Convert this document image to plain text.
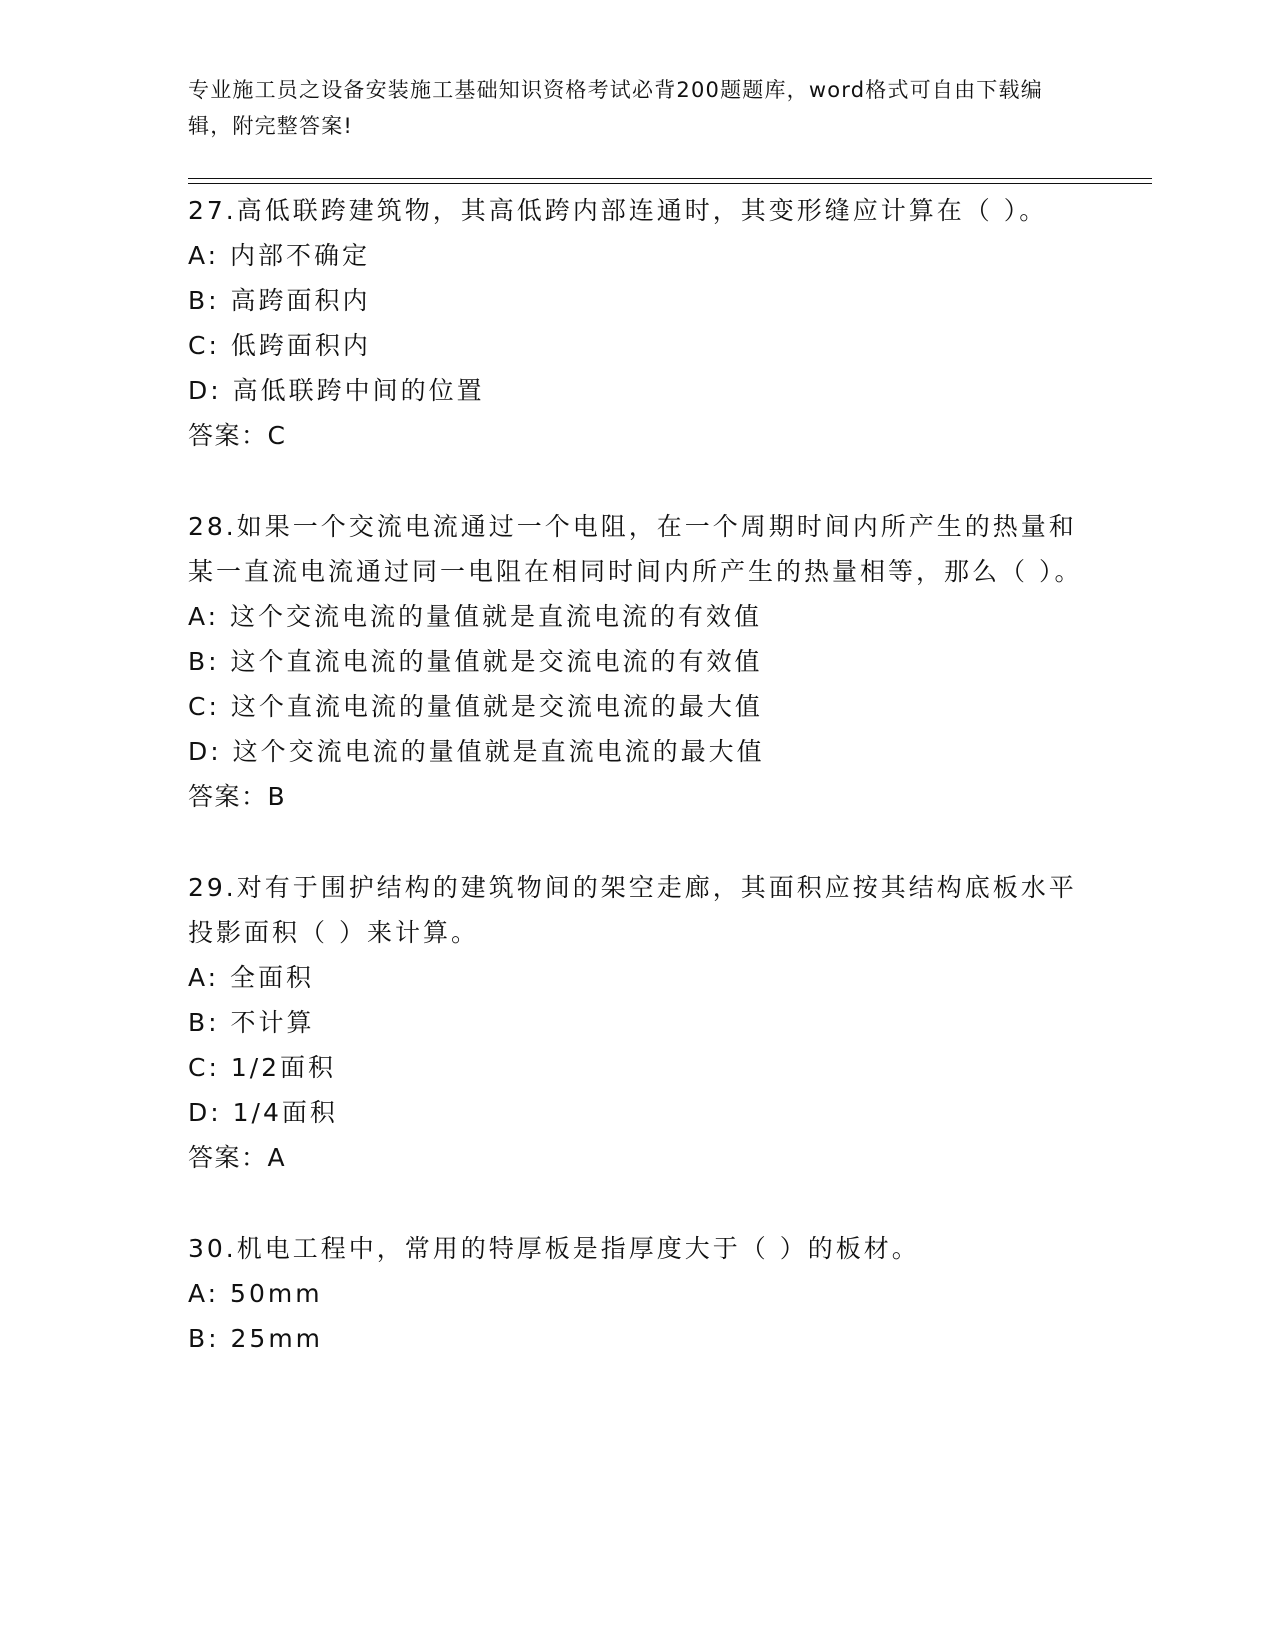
专业施工员之设备安装施工基础知识资格考试必背200题题库，word格式可自由下载编辑，附完整答案!
27.高低联跨建筑物，其高低跨内部连通时，其变形缝应计算在（ ）。
A: 内部不确定
B: 高跨面积内
C: 低跨面积内
D: 高低联跨中间的位置
答案：C
28.如果一个交流电流通过一个电阻，在一个周期时间内所产生的热量和某一直流电流通过同一电阻在相同时间内所产生的热量相等，那么（ ）。
A: 这个交流电流的量值就是直流电流的有效值
B: 这个直流电流的量值就是交流电流的有效值
C: 这个直流电流的量值就是交流电流的最大值
D: 这个交流电流的量值就是直流电流的最大值
答案：B
29.对有于围护结构的建筑物间的架空走廊，其面积应按其结构底板水平投影面积（ ）来计算。
A: 全面积
B: 不计算
C: 1/2面积
D: 1/4面积
答案：A
30.机电工程中，常用的特厚板是指厚度大于（ ）的板材。
A: 50mm
B: 25mm
